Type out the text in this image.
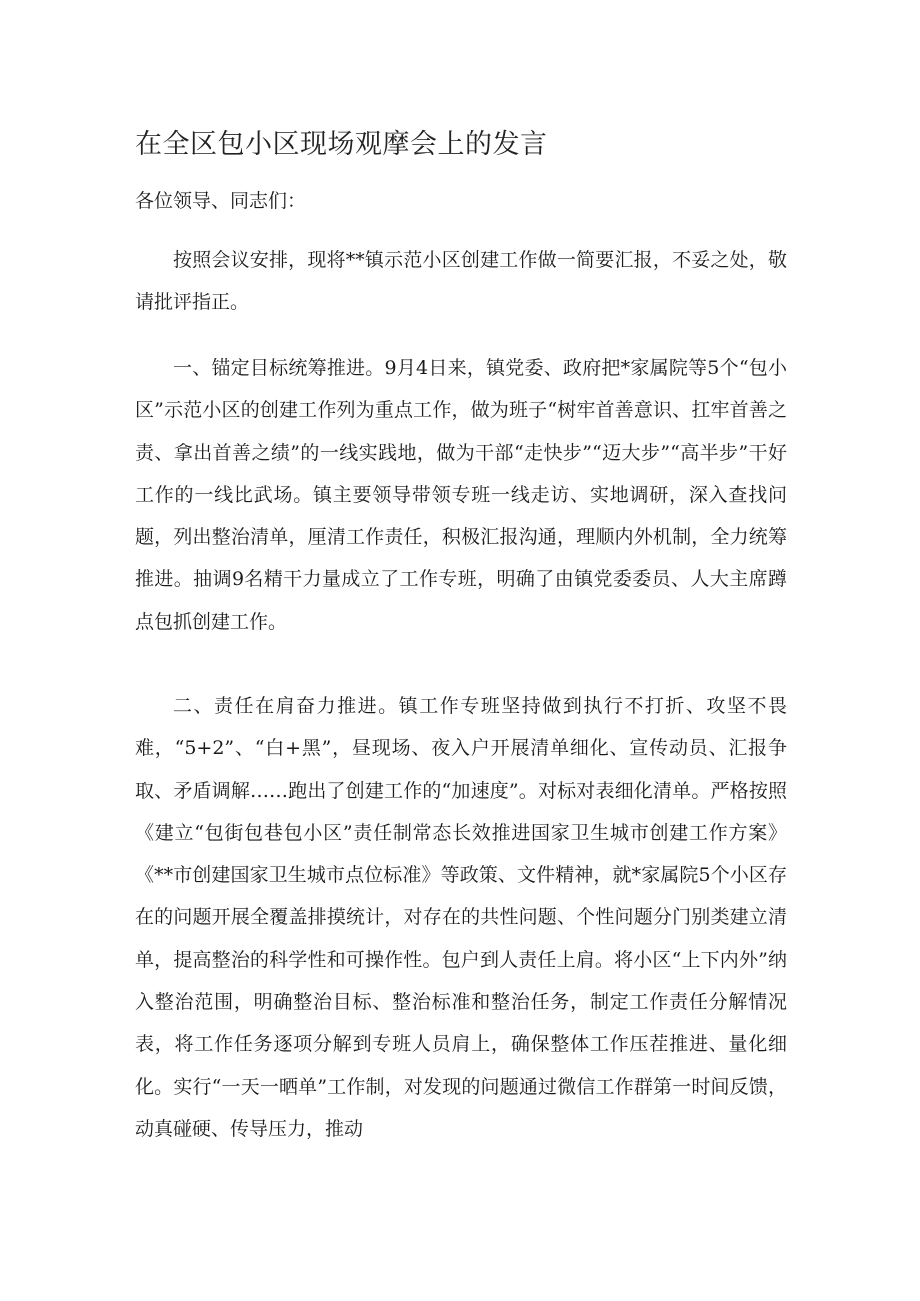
在全区包小区现场观摩会上的发言

各位领导、同志们：

按照会议安排，现将**镇示范小区创建工作做一简要汇报，不妥之处，敬请批评指正。

一、锚定目标统筹推进。9月4日来，镇党委、政府把*家属院等5个“包小区”示范小区的创建工作列为重点工作，做为班子“树牢首善意识、扛牢首善之责、拿出首善之绩”的一线实践地，做为干部“走快步”“迈大步”“高半步”干好工作的一线比武场。镇主要领导带领专班一线走访、实地调研，深入查找问题，列出整治清单，厘清工作责任，积极汇报沟通，理顺内外机制，全力统筹推进。抽调9名精干力量成立了工作专班，明确了由镇党委委员、人大主席蹲点包抓创建工作。

二、责任在肩奋力推进。镇工作专班坚持做到执行不打折、攻坚不畏难，“5+2”、“白+黑”，昼现场、夜入户开展清单细化、宣传动员、汇报争取、矛盾调解……跑出了创建工作的“加速度”。对标对表细化清单。严格按照《建立“包街包巷包小区”责任制常态长效推进国家卫生城市创建工作方案》《**市创建国家卫生城市点位标准》等政策、文件精神，就*家属院5个小区存在的问题开展全覆盖排摸统计，对存在的共性问题、个性问题分门别类建立清单，提高整治的科学性和可操作性。包户到人责任上肩。将小区“上下内外”纳入整治范围，明确整治目标、整治标准和整治任务，制定工作责任分解情况表，将工作任务逐项分解到专班人员肩上，确保整体工作压茬推进、量化细化。实行“一天一晒单”工作制，对发现的问题通过微信工作群第一时间反馈，动真碰硬、传导压力，推动
